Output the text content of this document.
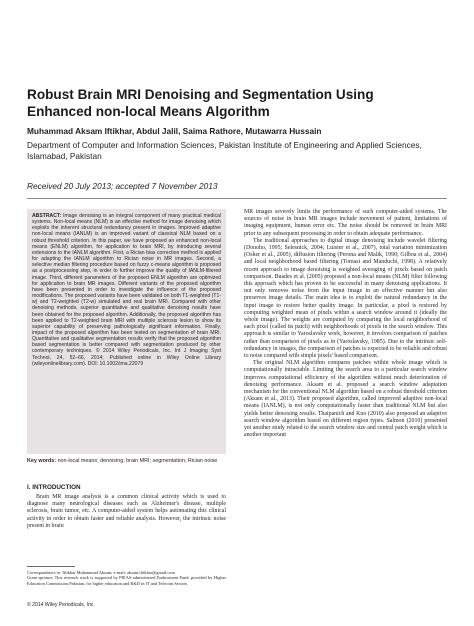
Robust Brain MRI Denoising and Segmentation Using Enhanced non-local Means Algorithm
Muhammad Aksam Iftikhar, Abdul Jalil, Saima Rathore, Mutawarra Hussain
Department of Computer and Information Sciences, Pakistan Institute of Engineering and Applied Sciences, Islamabad, Pakistan
Received 20 July 2013; accepted 7 November 2013

ABSTRACT: Image denoising is an integral component of many practical medical systems. Non-local means (NLM) is an effective method for image denoising which exploits the inherent structural redundancy present in images. Improved adaptive non-local means (IANLM) is an improved variant of classical NLM based on a robust threshold criterion. In this paper, we have proposed an enhanced non-local means (ENLM) algorithm, for application to brain MRI, by introducing several extensions to the IANLM algorithm. First, a Rician bias correction method is applied for adapting the IANLM algorithm to Rician noise in MR images. Second, a selective median filtering procedure based on fuzzy c-means algorithm is proposed as a postprocessing step, in order to further improve the quality of IANLM-filtered image. Third, different parameters of the proposed ENLM algorithm are optimized for application to brain MR images. Different variants of the proposed algorithm have been presented in order to investigate the influence of the proposed modifications. The proposed variants have been validated on both T1-weighted (T1-w) and T2-weighted (T2-w) simulated and real brain MRI. Compared with other denoising methods, superior quantitative and qualitative denoising results have been obtained for the proposed algorithm. Additionally, the proposed algorithm has been applied to T2-weighted brain MRI with multiple sclerosis lesion to show its superior capability of preserving pathologically significant information. Finally, impact of the proposed algorithm has been tested on segmentation of brain MRI. Quantitative and qualitative segmentation results verify that the proposed algorithm based segmentation is better compared with segmentation produced by other contemporary techniques. © 2014 Wiley Periodicals, Inc. Int J Imaging Syst Technol, 24, 52–66, 2014; Published online in Wiley Online Library (wileyonlinelibrary.com). DOI: 10.1002/ima.22079

Key words: non-local means; denoising; brain MRI; segmentation; Rician noise
I. INTRODUCTION

Brain MR image analysis is a common clinical activity which is used to diagnose many neurological diseases such as Alzheimer's disease, multiple sclerosis, brain tumor, etc. A computer-aided system helps automating this clinical activity in order to obtain faster and reliable analysis. However, the intrinsic noise present in brain

Correspondence to: Iftikhar Muhammad Aksam; e-mail: aksam.iftikhar@gmail.com

Grant sponsor: This research work is supported by PIEAS-administered Endowment Fund, provided by Higher Education Commission Pakistan, for higher education and R&D in IT and Telecom Sectors

© 2014 Wiley Periodicals, Inc.

MR images severely limits the performance of such computer-aided systems. The sources of noise in brain MR images include movement of patient, limitations of imaging equipment, human error etc. The noise should be removed in brain MRI prior to any subsequent processing in order to obtain adequate performance.

The traditional approaches to digital image denoising include wavelet filtering (Donoho, 1995; Selesnick, 2004; Luisier et al., 2007), total variation minimization (Osher et al., 2005), diffusion filtering (Perona and Malik, 1990; Gilboa et al., 2004) and local neighborhood based filtering (Tomasi and Manduchi, 1998). A relatively recent approach to image denoising is weighted averaging of pixels based on patch comparison. Buades et al. (2005) proposed a non-local means (NLM) filter following this approach which has proven to be successful in many denoising applications. It not only removes noise from the input image in an effective manner but also preserves image details. The main idea is to exploit the natural redundancy in the input image to restore better quality image. In particular, a pixel is restored by computing weighted mean of pixels within a search window around it (ideally the whole image). The weights are computed by comparing the local neighborhood of each pixel (called its patch) with neighborhoods of pixels in the search window. This approach is similar to Yaroslavsky work, however, it involves comparison of patches rather than comparison of pixels as in (Yaroslavsky, 1985). Due to the intrinsic self-redundancy in images, the comparison of patches is expected to be reliable and robust to noise compared with simple pixels' based comparison.

The original NLM algorithm compares patches within whole image which is computationally intractable. Limiting the search area to a particular search window improves computational efficiency of the algorithm without much deterioration of denoising performance. Aksam et al. proposed a search window adaptation mechanism for the conventional NLM algorithm based on a robust threshold criterion (Aksam et al., 2013). Their proposed algorithm, called improved adaptive non-local means (IANLM), is not only computationally faster than traditional NLM but also yields better denoising results. Thaipanich and Kuo (2010) also proposed an adaptive search window algorithm based on different region types. Salmon (2010) presented yet another study related to the search window size and central patch weight which is another important
